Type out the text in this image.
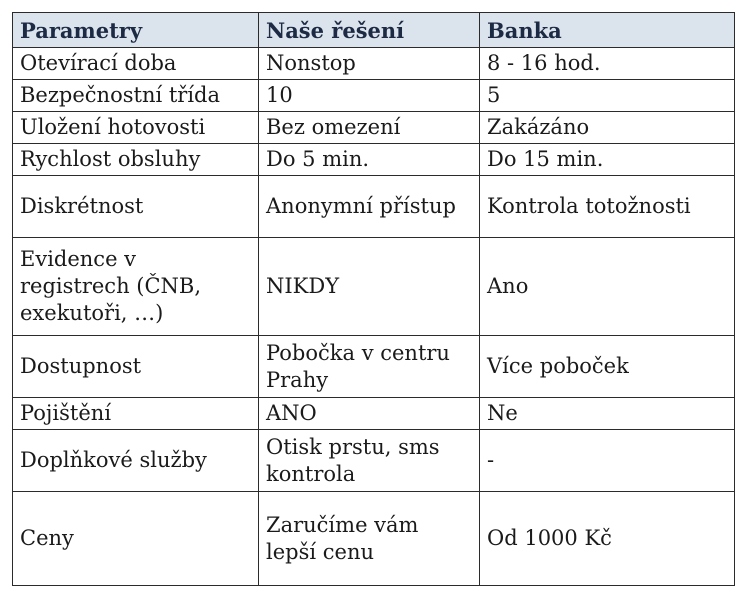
Parametry	Naše řešení	Banka
Otevírací doba	Nonstop	8 - 16 hod.
Bezpečnostní třída	10	5
Uložení hotovosti	Bez omezení	Zakázáno
Rychlost obsluhy	Do 5 min.	Do 15 min.
Diskrétnost	Anonymní přístup	Kontrola totožnosti
Evidence v registrech (ČNB, exekutoři, …)	NIKDY	Ano
Dostupnost	Pobočka v centru Prahy	Více poboček
Pojištění	ANO	Ne
Doplňkové služby	Otisk prstu, sms kontrola	-
Ceny	Zaručíme vám lepší cenu	Od 1000 Kč
